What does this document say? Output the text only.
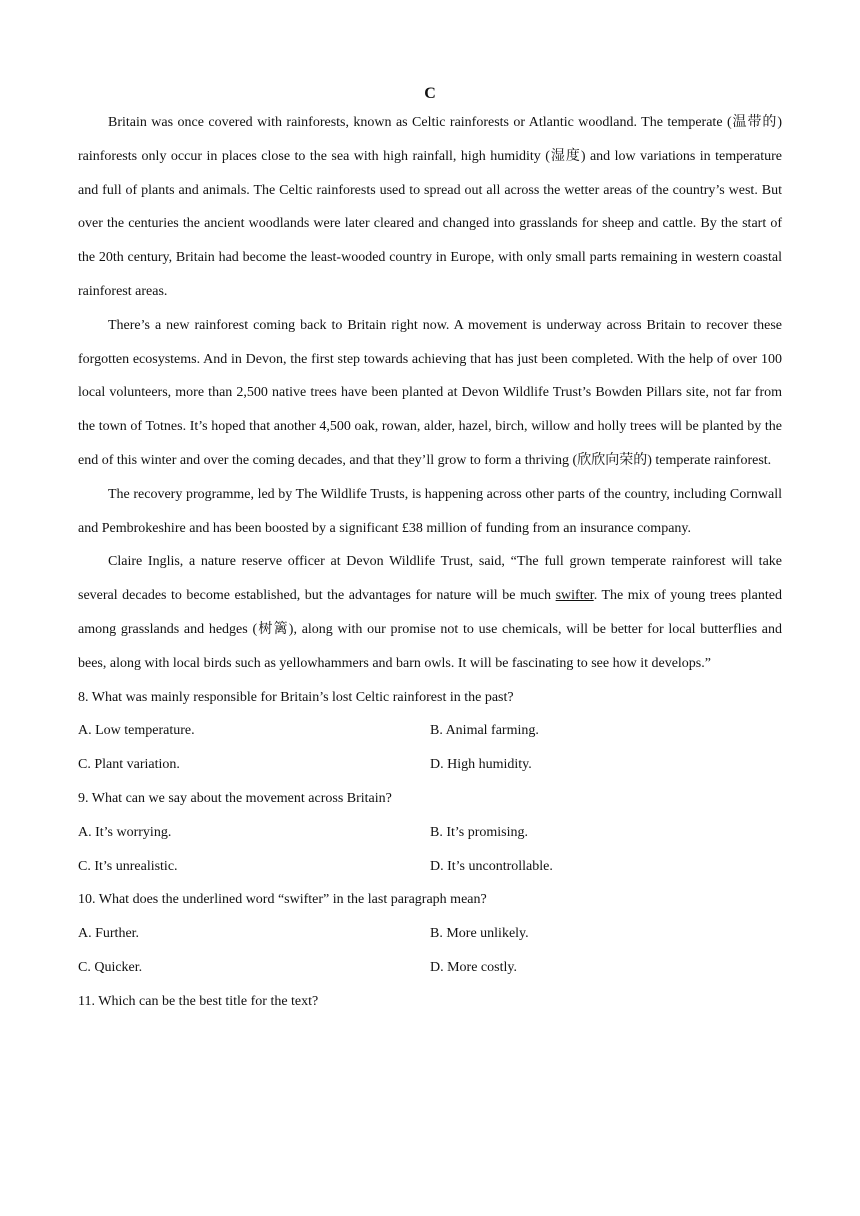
C

Britain was once covered with rainforests, known as Celtic rainforests or Atlantic woodland. The temperate (温带的) rainforests only occur in places close to the sea with high rainfall, high humidity (湿度) and low variations in temperature and full of plants and animals. The Celtic rainforests used to spread out all across the wetter areas of the country’s west. But over the centuries the ancient woodlands were later cleared and changed into grasslands for sheep and cattle. By the start of the 20th century, Britain had become the least-wooded country in Europe, with only small parts remaining in western coastal rainforest areas.

There’s a new rainforest coming back to Britain right now. A movement is underway across Britain to recover these forgotten ecosystems. And in Devon, the first step towards achieving that has just been completed. With the help of over 100 local volunteers, more than 2,500 native trees have been planted at Devon Wildlife Trust’s Bowden Pillars site, not far from the town of Totnes. It’s hoped that another 4,500 oak, rowan, alder, hazel, birch, willow and holly trees will be planted by the end of this winter and over the coming decades, and that they’ll grow to form a thriving (欣欣向荣的) temperate rainforest.

The recovery programme, led by The Wildlife Trusts, is happening across other parts of the country, including Cornwall and Pembrokeshire and has been boosted by a significant £38 million of funding from an insurance company.

Claire Inglis, a nature reserve officer at Devon Wildlife Trust, said, “The full grown temperate rainforest will take several decades to become established, but the advantages for nature will be much swifter. The mix of young trees planted among grasslands and hedges (树篱), along with our promise not to use chemicals, will be better for local butterflies and bees, along with local birds such as yellowhammers and barn owls. It will be fascinating to see how it develops.”

8. What was mainly responsible for Britain’s lost Celtic rainforest in the past?

A. Low temperature.	B. Animal farming.
C. Plant variation.	D. High humidity.

9. What can we say about the movement across Britain?

A. It’s worrying.	B. It’s promising.
C. It’s unrealistic.	D. It’s uncontrollable.

10. What does the underlined word “swifter” in the last paragraph mean?

A. Further.	B. More unlikely.
C. Quicker.	D. More costly.

11. Which can be the best title for the text?
